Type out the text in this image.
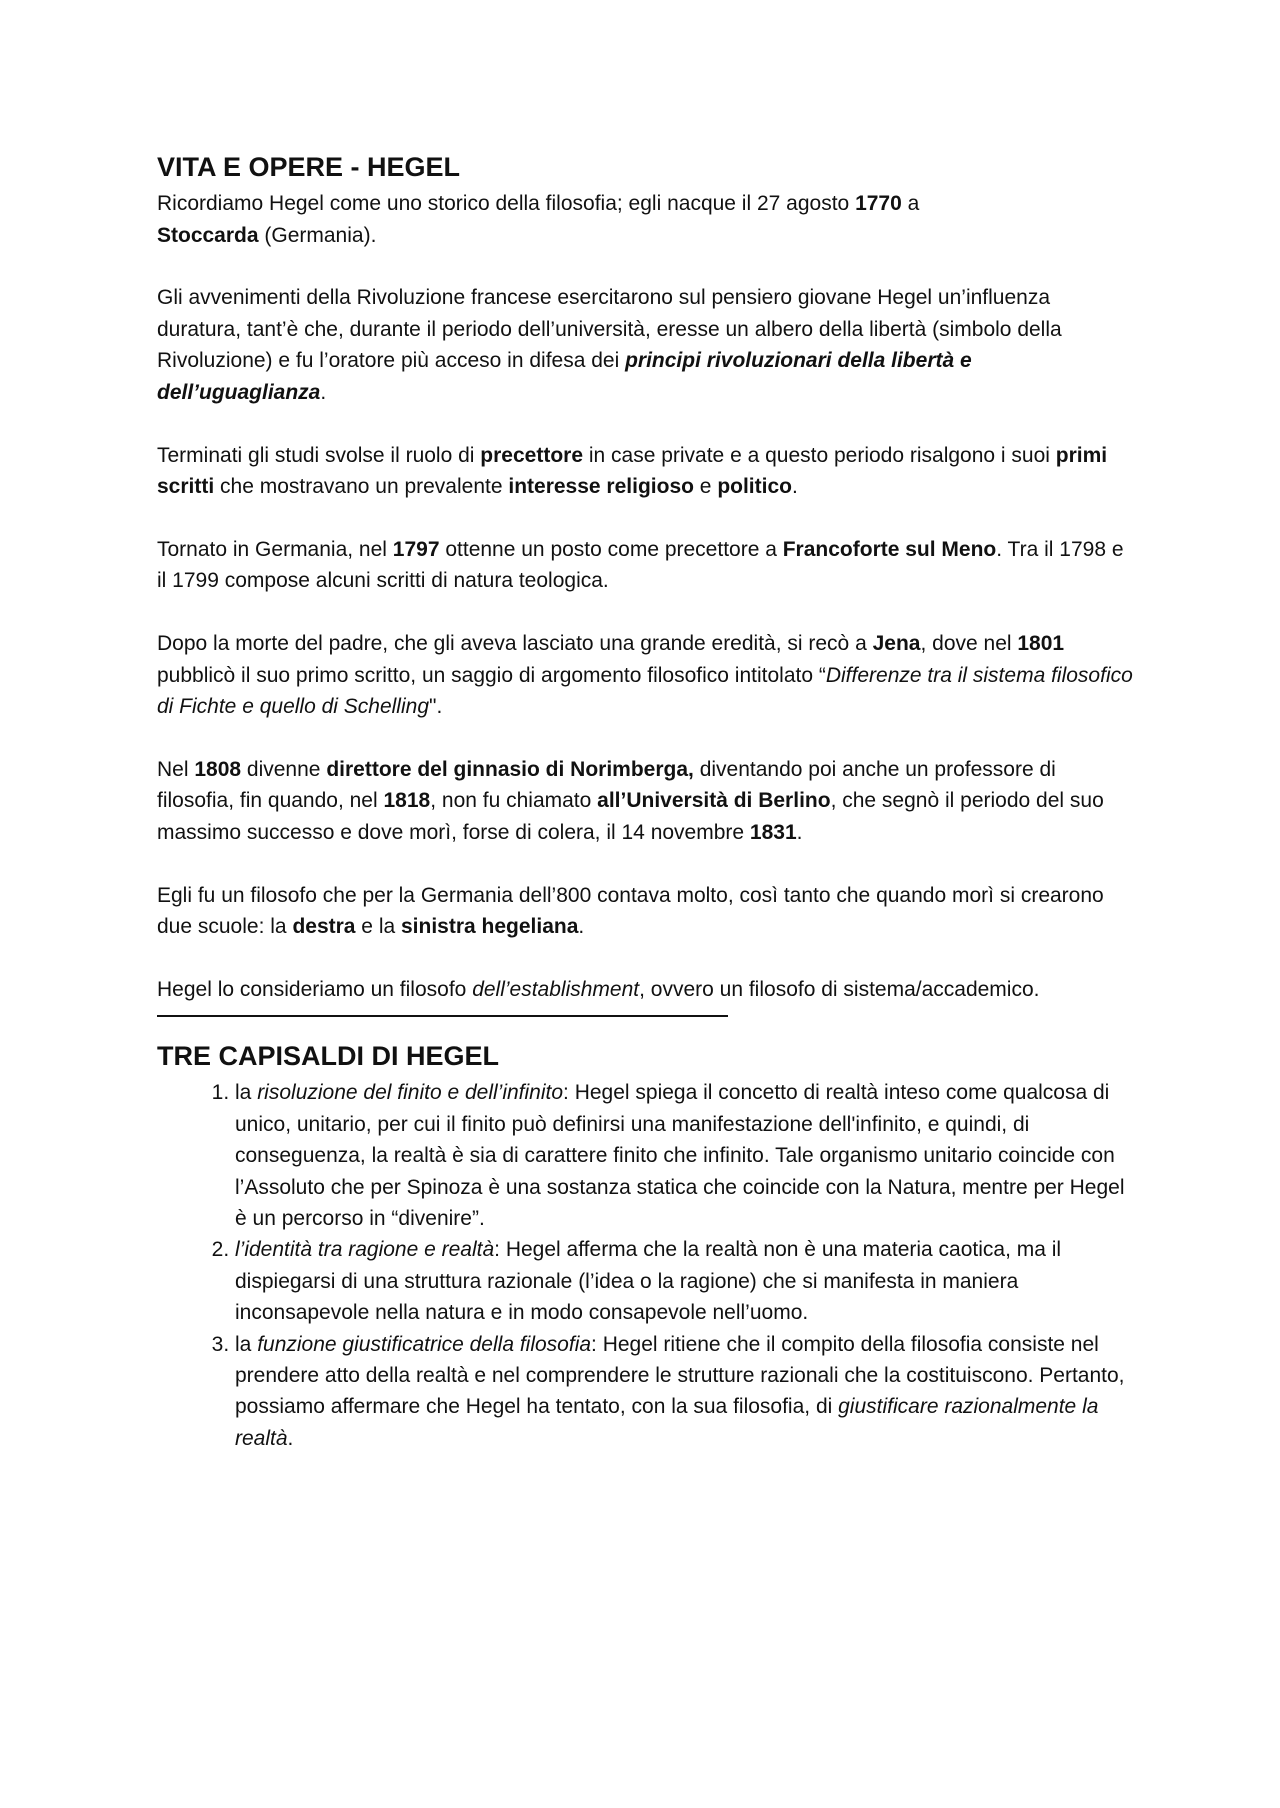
VITA E OPERE - HEGEL

Ricordiamo Hegel come uno storico della filosofia; egli nacque il 27 agosto 1770 a
Stoccarda (Germania).

Gli avvenimenti della Rivoluzione francese esercitarono sul pensiero giovane Hegel un’influenza duratura, tant’è che, durante il periodo dell’università, eresse un albero della libertà (simbolo della Rivoluzione) e fu l’oratore più acceso in difesa dei principi rivoluzionari della libertà e dell’uguaglianza.

Terminati gli studi svolse il ruolo di precettore in case private e a questo periodo risalgono i suoi primi scritti che mostravano un prevalente interesse religioso e politico.

Tornato in Germania, nel 1797 ottenne un posto come precettore a Francoforte sul Meno. Tra il 1798 e il 1799 compose alcuni scritti di natura teologica.

Dopo la morte del padre, che gli aveva lasciato una grande eredità, si recò a Jena, dove nel 1801 pubblicò il suo primo scritto, un saggio di argomento filosofico intitolato “Differenze tra il sistema filosofico di Fichte e quello di Schelling".

Nel 1808 divenne direttore del ginnasio di Norimberga, diventando poi anche un professore di filosofia, fin quando, nel 1818, non fu chiamato all’Università di Berlino, che segnò il periodo del suo massimo successo e dove morì, forse di colera, il 14 novembre 1831.

Egli fu un filosofo che per la Germania dell’800 contava molto, così tanto che quando morì si crearono due scuole: la destra e la sinistra hegeliana.

Hegel lo consideriamo un filosofo dell’establishment, ovvero un filosofo di sistema/accademico.

TRE CAPISALDI DI HEGEL
1. la risoluzione del finito e dell’infinito: Hegel spiega il concetto di realtà inteso come qualcosa di unico, unitario, per cui il finito può definirsi una manifestazione dell'infinito, e quindi, di conseguenza, la realtà è sia di carattere finito che infinito. Tale organismo unitario coincide con l’Assoluto che per Spinoza è una sostanza statica che coincide con la Natura, mentre per Hegel è un percorso in “divenire”.
2. l’identità tra ragione e realtà: Hegel afferma che la realtà non è una materia caotica, ma il dispiegarsi di una struttura razionale (l’idea o la ragione) che si manifesta in maniera inconsapevole nella natura e in modo consapevole nell’uomo.
3. la funzione giustificatrice della filosofia: Hegel ritiene che il compito della filosofia consiste nel prendere atto della realtà e nel comprendere le strutture razionali che la costituiscono. Pertanto, possiamo affermare che Hegel ha tentato, con la sua filosofia, di giustificare razionalmente la realtà.
